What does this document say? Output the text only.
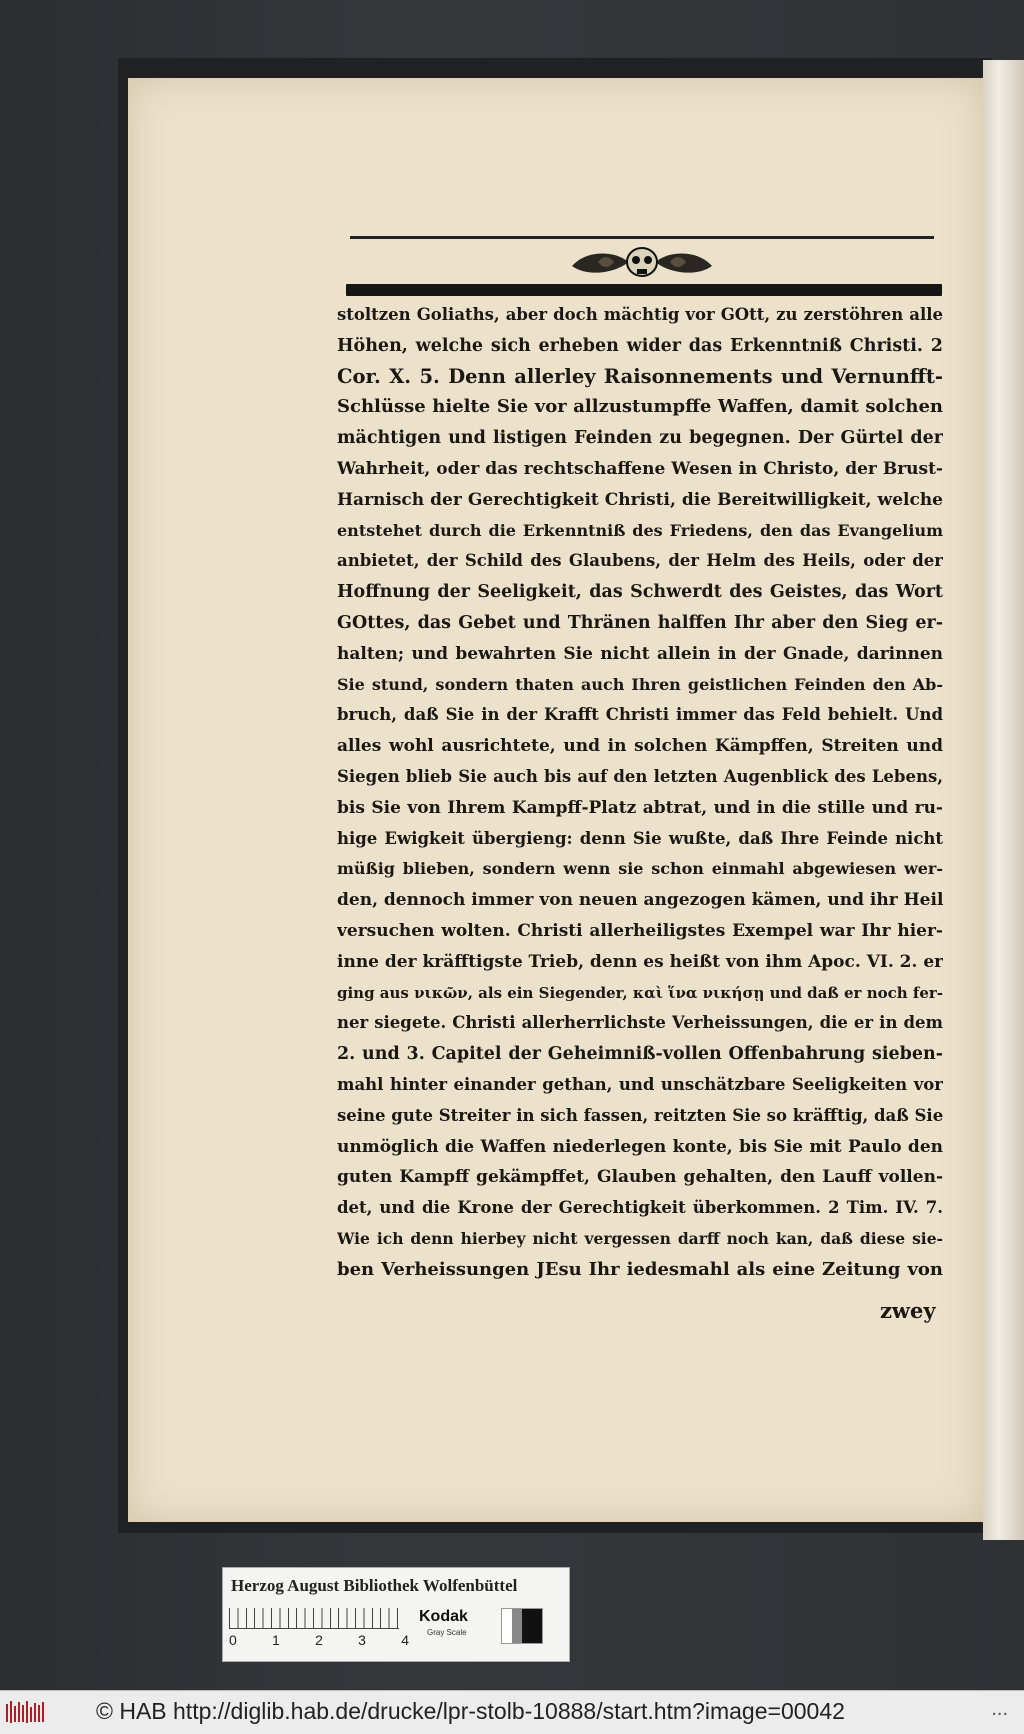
stoltzen Goliaths, aber doch mächtig vor GOtt, zu zerstöhren alle
Höhen, welche sich erheben wider das Erkenntniß Christi. 2
Cor. X. 5. Denn allerley Raisonnements und Vernunfft-
Schlüsse hielte Sie vor allzustumpffe Waffen, damit solchen
mächtigen und listigen Feinden zu begegnen. Der Gürtel der
Wahrheit, oder das rechtschaffene Wesen in Christo, der Brust-
Harnisch der Gerechtigkeit Christi, die Bereitwilligkeit, welche
entstehet durch die Erkenntniß des Friedens, den das Evangelium
anbietet, der Schild des Glaubens, der Helm des Heils, oder der
Hoffnung der Seeligkeit, das Schwerdt des Geistes, das Wort
GOttes, das Gebet und Thränen halffen Ihr aber den Sieg er-
halten; und bewahrten Sie nicht allein in der Gnade, darinnen
Sie stund, sondern thaten auch Ihren geistlichen Feinden den Ab-
bruch, daß Sie in der Krafft Christi immer das Feld behielt. Und
alles wohl ausrichtete, und in solchen Kämpffen, Streiten und
Siegen blieb Sie auch bis auf den letzten Augenblick des Lebens,
bis Sie von Ihrem Kampff-Platz abtrat, und in die stille und ru-
hige Ewigkeit übergieng: denn Sie wußte, daß Ihre Feinde nicht
müßig blieben, sondern wenn sie schon einmahl abgewiesen wer-
den, dennoch immer von neuen angezogen kämen, und ihr Heil
versuchen wolten. Christi allerheiligstes Exempel war Ihr hier-
inne der kräfftigste Trieb, denn es heißt von ihm Apoc. VI. 2. er
ging aus νικῶν, als ein Siegender, καὶ ἵνα νικήσῃ und daß er noch fer-
ner siegete. Christi allerherrlichste Verheissungen, die er in dem
2. und 3. Capitel der Geheimniß-vollen Offenbahrung sieben-
mahl hinter einander gethan, und unschätzbare Seeligkeiten vor
seine gute Streiter in sich fassen, reitzten Sie so kräfftig, daß Sie
unmöglich die Waffen niederlegen konte, bis Sie mit Paulo den
guten Kampff gekämpffet, Glauben gehalten, den Lauff vollen-
det, und die Krone der Gerechtigkeit überkommen. 2 Tim. IV. 7.
Wie ich denn hierbey nicht vergessen darff noch kan, daß diese sie-
ben Verheissungen JEsu Ihr iedesmahl als eine Zeitung von
zwey
Herzog August Bibliothek Wolfenbüttel
0	1	2	3	4
Kodak
Gray Scale
© HAB http://diglib.hab.de/drucke/lpr-stolb-10888/start.htm?image=00042	...
